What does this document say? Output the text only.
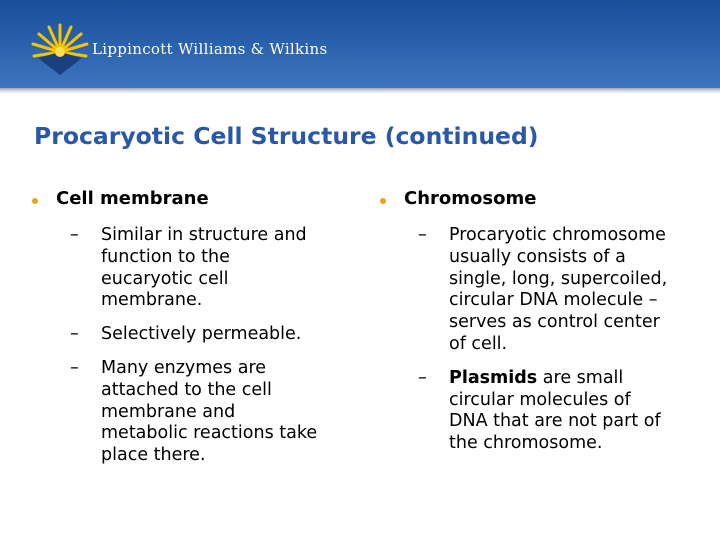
Lippincott Williams & Wilkins
Procaryotic Cell Structure (continued)
Cell membrane
– Similar in structure and
function to the
eucaryotic cell
membrane.
– Selectively permeable.
– Many enzymes are
attached to the cell
membrane and
metabolic reactions take
place there.
Chromosome
– Procaryotic chromosome
usually consists of a
single, long, supercoiled,
circular DNA molecule –
serves as control center
of cell.
– Plasmids are small
circular molecules of
DNA that are not part of
the chromosome.
